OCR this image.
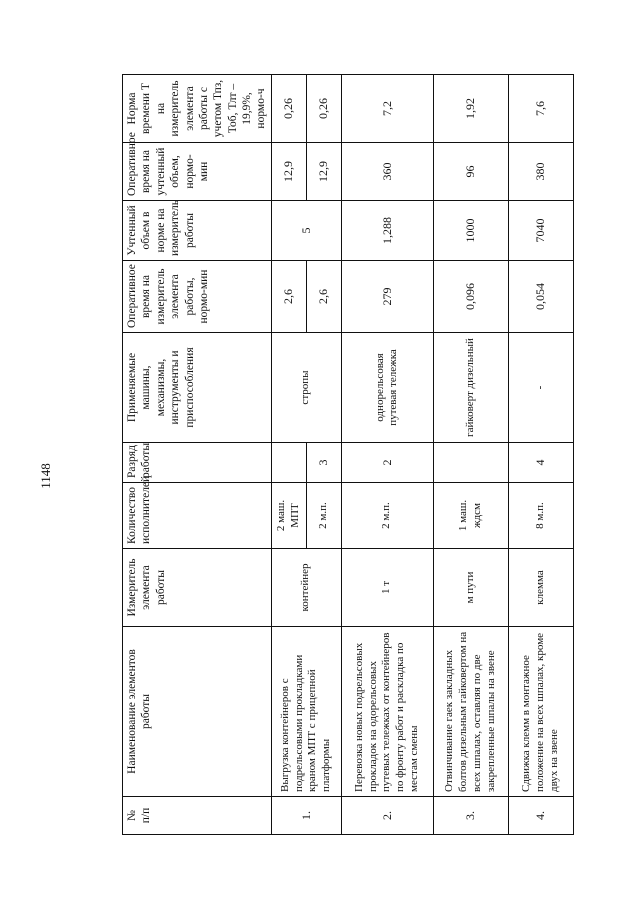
1148
№
п/п	Наименование элементов работы	Измеритель элемента работы	Количество исполнителей	Разряд работы	Применяемые машины, механизмы, инструменты и приспособления	Оперативное время на измеритель элемента работы, нормо-мин	Учтенный объем в норме на измеритель работы	Оперативное время на учтенный объем, нормо-мин	Норма времени Т на измеритель элемента работы с учетом Тпз, Тоб, Тлт – 19,9%, нормо-ч
1.	Выгрузка контейнеров с подрельсовыми прокладками краном МПТ с прицепной платформы	контейнер	2 маш. МПТ		стропы	2,6	5	12,9	0,26
			2 м.п.	3		2,6		12,9	0,26
2.	Перевозка новых подрельсовых прокладок на одорельсовых путевых тележках от контейнеров по фронту работ и раскладка по местам смены	1 т	2 м.п.	2	однорельсовая путевая тележка	279	1,288	360	7,2
3.	Отвинчивание гаек закладных болтов дизельным гайковертом на всех шпалах, оставляя по две закрепленные шпалы на звене	м пути	1 маш. ждсм		гайковерт дизельный	0,096	1000	96	1,92
4.	Сдвижка клемм в монтажное положение на всех шпалах, кроме двух на звене	клемма	8 м.п.	4	-	0,054	7040	380	7,6
